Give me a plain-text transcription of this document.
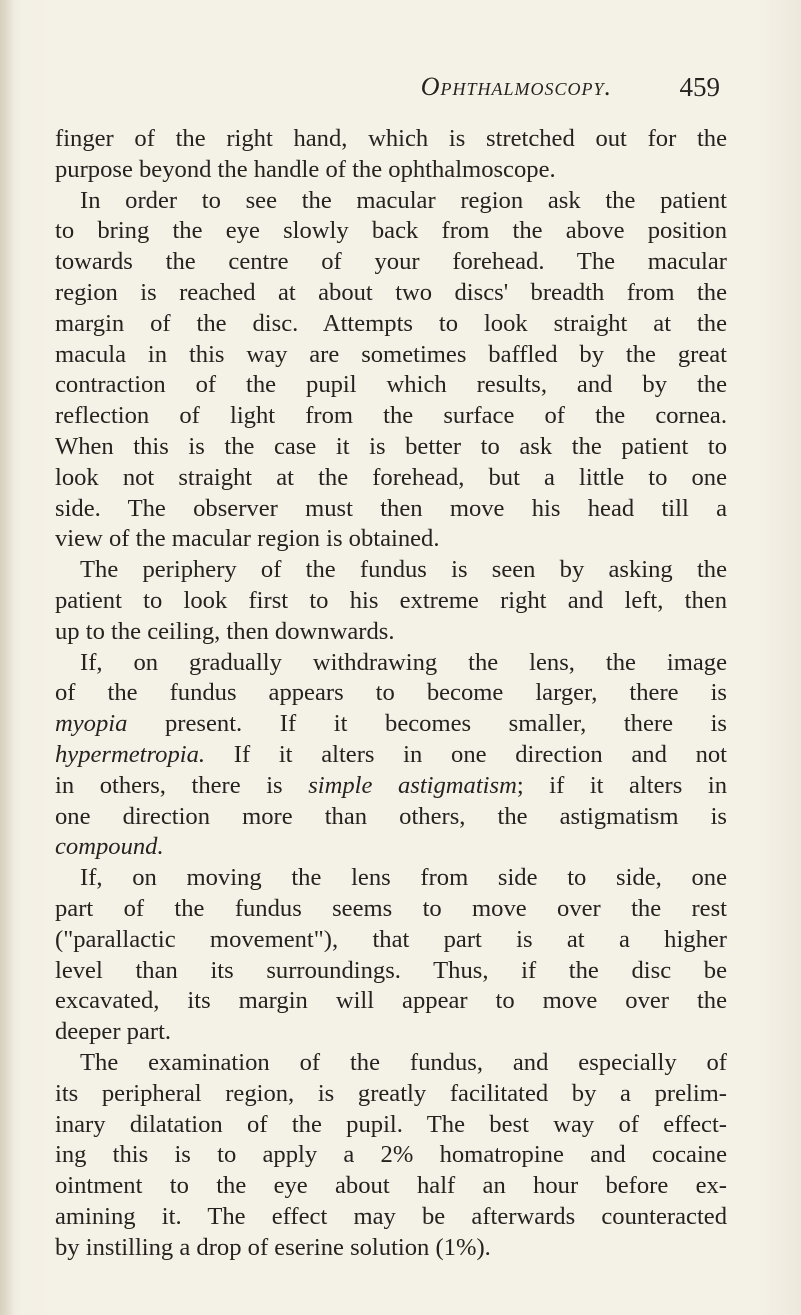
Ophthalmoscopy.	459
finger of the right hand, which is stretched out for the
purpose beyond the handle of the ophthalmoscope.
In order to see the macular region ask the patient
to bring the eye slowly back from the above position
towards the centre of your forehead. The macular
region is reached at about two discs' breadth from the
margin of the disc. Attempts to look straight at the
macula in this way are sometimes baffled by the great
contraction of the pupil which results, and by the
reflection of light from the surface of the cornea.
When this is the case it is better to ask the patient to
look not straight at the forehead, but a little to one
side. The observer must then move his head till a
view of the macular region is obtained.
The periphery of the fundus is seen by asking the
patient to look first to his extreme right and left, then
up to the ceiling, then downwards.
If, on gradually withdrawing the lens, the image
of the fundus appears to become larger, there is
myopia present. If it becomes smaller, there is
hypermetropia. If it alters in one direction and not
in others, there is simple astigmatism; if it alters in
one direction more than others, the astigmatism is
compound.
If, on moving the lens from side to side, one
part of the fundus seems to move over the rest
("parallactic movement"), that part is at a higher
level than its surroundings. Thus, if the disc be
excavated, its margin will appear to move over the
deeper part.
The examination of the fundus, and especially of
its peripheral region, is greatly facilitated by a prelim-
inary dilatation of the pupil. The best way of effect-
ing this is to apply a 2% homatropine and cocaine
ointment to the eye about half an hour before ex-
amining it. The effect may be afterwards counteracted
by instilling a drop of eserine solution (1%).
